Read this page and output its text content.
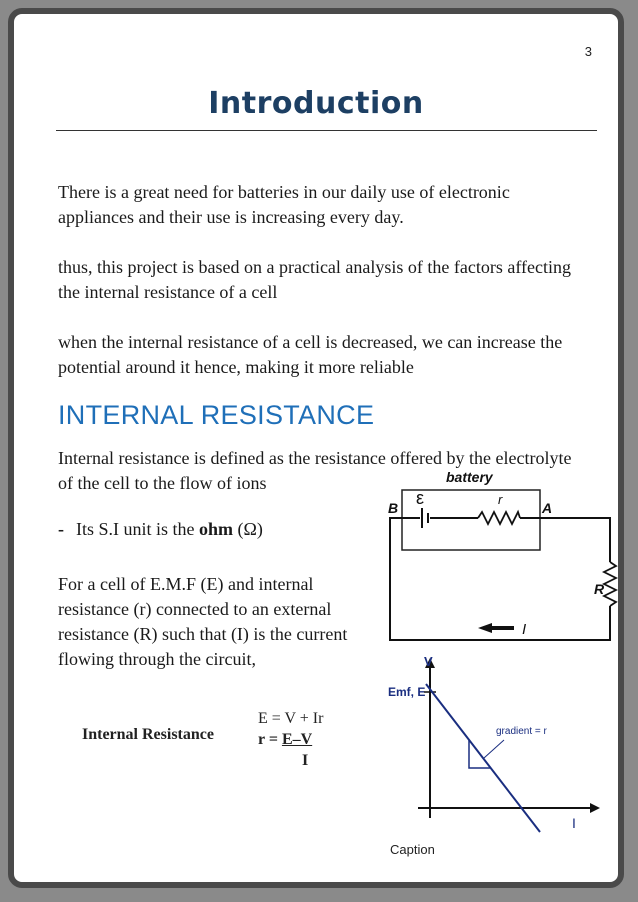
3
Introduction
There is a great need for batteries in our daily use of electronic appliances and their use is increasing every day.
thus, this project is based on a practical analysis of the factors affecting the internal resistance of a cell
when the internal resistance of a cell is decreased, we can increase the potential around it hence, making it more reliable
INTERNAL RESISTANCE
Internal resistance is defined as the resistance offered by the electrolyte of the cell to the flow of ions
- Its S.I unit is the ohm (Ω)
For a cell of E.M.F (E) and internal resistance (r) connected to an external resistance (R) such that (I) is the current flowing through the circuit,
Internal Resistance
E = V + Ir
r = E–V
I
battery
B	A
ε	r
R
I
V
I
Emf, E
gradient = r
Caption
